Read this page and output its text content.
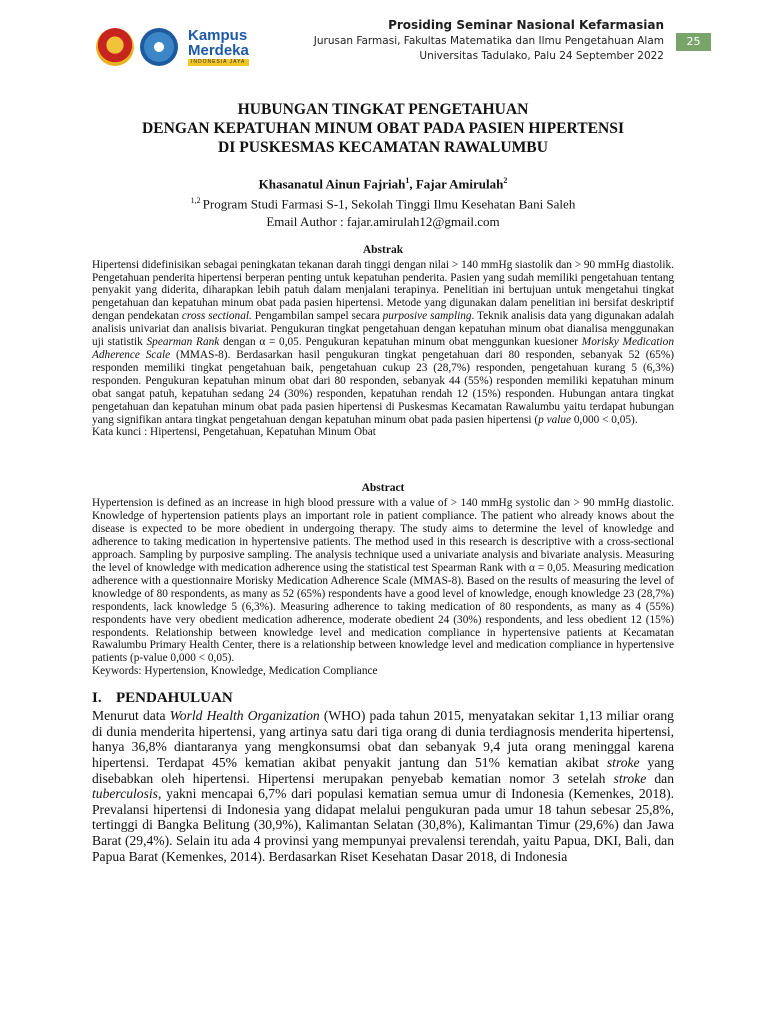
Kampus
Merdeka
INDONESIA JAYA
Prosiding Seminar Nasional Kefarmasian
Jurusan Farmasi, Fakultas Matematika dan Ilmu Pengetahuan Alam
Universitas Tadulako, Palu 24 September 2022
25
HUBUNGAN TINGKAT PENGETAHUAN
DENGAN KEPATUHAN MINUM OBAT PADA PASIEN HIPERTENSI
DI PUSKESMAS KECAMATAN RAWALUMBU
Khasanatul Ainun Fajriah$^1$, Fajar Amirulah$^2$
$^{1,2}$ Program Studi Farmasi S-1, Sekolah Tinggi Ilmu Kesehatan Bani Saleh
Email Author : fajar.amirulah12@gmail.com
Abstrak
Hipertensi didefinisikan sebagai peningkatan tekanan darah tinggi dengan nilai > 140 mmHg siastolik dan > 90 mmHg diastolik. Pengetahuan penderita hipertensi berperan penting untuk kepatuhan penderita. Pasien yang sudah memiliki pengetahuan tentang penyakit yang diderita, diharapkan lebih patuh dalam menjalani terapinya. Penelitian ini bertujuan untuk mengetahui tingkat pengetahuan dan kepatuhan minum obat pada pasien hipertensi. Metode yang digunakan dalam penelitian ini bersifat deskriptif dengan pendekatan cross sectional. Pengambilan sampel secara purposive sampling. Teknik analisis data yang digunakan adalah analisis univariat dan analisis bivariat. Pengukuran tingkat pengetahuan dengan kepatuhan minum obat dianalisa menggunakan uji statistik Spearman Rank dengan α = 0,05. Pengukuran kepatuhan minum obat menggunkan kuesioner Morisky Medication Adherence Scale (MMAS-8). Berdasarkan hasil pengukuran tingkat pengetahuan dari 80 responden, sebanyak 52 (65%) responden memiliki tingkat pengetahuan baik, pengetahuan cukup 23 (28,7%) responden, pengetahuan kurang 5 (6,3%) responden. Pengukuran kepatuhan minum obat dari 80 responden, sebanyak 44 (55%) responden memiliki kepatuhan minum obat sangat patuh, kepatuhan sedang 24 (30%) responden, kepatuhan rendah 12 (15%) responden. Hubungan antara tingkat pengetahuan dan kepatuhan minum obat pada pasien hipertensi di Puskesmas Kecamatan Rawalumbu yaitu terdapat hubungan yang signifikan antara tingkat pengetahuan dengan kepatuhan minum obat pada pasien hipertensi (p value 0,000 < 0,05).
Kata kunci : Hipertensi, Pengetahuan, Kepatuhan Minum Obat
Abstract
Hypertension is defined as an increase in high blood pressure with a value of > 140 mmHg systolic dan > 90 mmHg diastolic. Knowledge of hypertension patients plays an important role in patient compliance. The patient who already knows about the disease is expected to be more obedient in undergoing therapy. The study aims to determine the level of knowledge and adherence to taking medication in hypertensive patients. The method used in this research is descriptive with a cross-sectional approach. Sampling by purposive sampling. The analysis technique used a univariate analysis and bivariate analysis. Measuring the level of knowledge with medication adherence using the statistical test Spearman Rank with α = 0,05. Measuring medication adherence with a questionnaire Morisky Medication Adherence Scale (MMAS-8). Based on the results of measuring the level of knowledge of 80 respondents, as many as 52 (65%) respondents have a good level of knowledge, enough knowledge 23 (28,7%) respondents, lack knowledge 5 (6,3%). Measuring adherence to taking medication of 80 respondents, as many as 4 (55%) respondents have very obedient medication adherence, moderate obedient 24 (30%) respondents, and less obedient 12 (15%) respondents. Relationship between knowledge level and medication compliance in hypertensive patients at Kecamatan Rawalumbu Primary Health Center, there is a relationship between knowledge level and medication compliance in hypertensive patients (p-value 0,000 < 0,05).
Keywords: Hypertension, Knowledge, Medication Compliance
I. PENDAHULUAN
Menurut data World Health Organization (WHO) pada tahun 2015, menyatakan sekitar 1,13 miliar orang di dunia menderita hipertensi, yang artinya satu dari tiga orang di dunia terdiagnosis menderita hipertensi, hanya 36,8% diantaranya yang mengkonsumsi obat dan sebanyak 9,4 juta orang meninggal karena hipertensi. Terdapat 45% kematian akibat penyakit jantung dan 51% kematian akibat stroke yang disebabkan oleh hipertensi. Hipertensi merupakan penyebab kematian nomor 3 setelah stroke dan tuberculosis, yakni mencapai 6,7% dari populasi kematian semua umur di Indonesia (Kemenkes, 2018). Prevalansi hipertensi di Indonesia yang didapat melalui pengukuran pada umur 18 tahun sebesar 25,8%, tertinggi di Bangka Belitung (30,9%), Kalimantan Selatan (30,8%), Kalimantan Timur (29,6%) dan Jawa Barat (29,4%). Selain itu ada 4 provinsi yang mempunyai prevalensi terendah, yaitu Papua, DKI, Bali, dan Papua Barat (Kemenkes, 2014). Berdasarkan Riset Kesehatan Dasar 2018, di Indonesia
